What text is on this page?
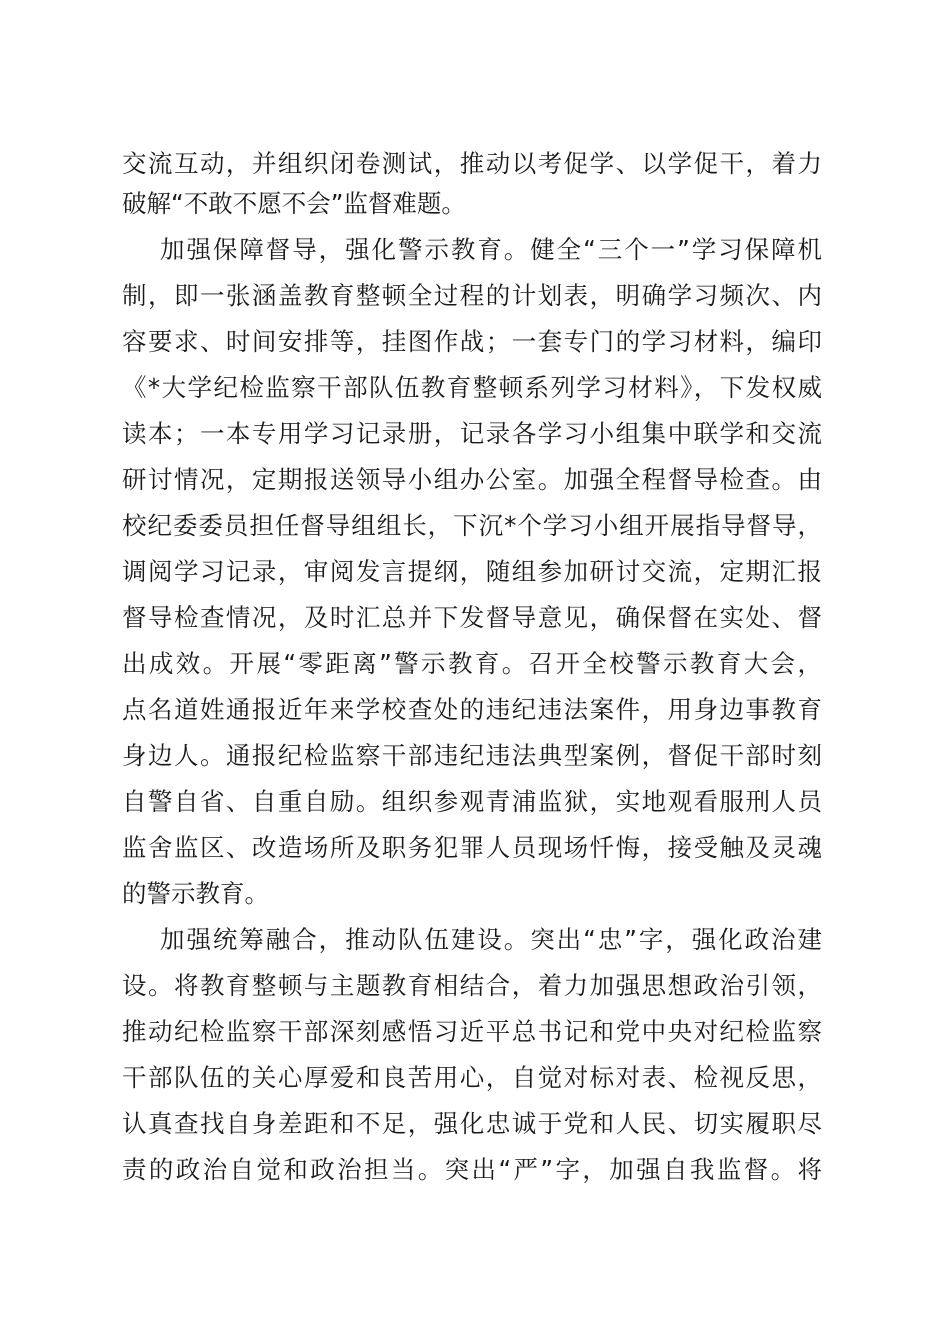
交流互动，并组织闭卷测试，推动以考促学、以学促干，着力
破解“不敢不愿不会”监督难题。
加强保障督导，强化警示教育。健全“三个一”学习保障机
制，即一张涵盖教育整顿全过程的计划表，明确学习频次、内
容要求、时间安排等，挂图作战；一套专门的学习材料，编印
《*大学纪检监察干部队伍教育整顿系列学习材料》，下发权威
读本；一本专用学习记录册，记录各学习小组集中联学和交流
研讨情况，定期报送领导小组办公室。加强全程督导检查。由
校纪委委员担任督导组组长，下沉*个学习小组开展指导督导，
调阅学习记录，审阅发言提纲，随组参加研讨交流，定期汇报
督导检查情况，及时汇总并下发督导意见，确保督在实处、督
出成效。开展“零距离”警示教育。召开全校警示教育大会，
点名道姓通报近年来学校查处的违纪违法案件，用身边事教育
身边人。通报纪检监察干部违纪违法典型案例，督促干部时刻
自警自省、自重自励。组织参观青浦监狱，实地观看服刑人员
监舍监区、改造场所及职务犯罪人员现场忏悔，接受触及灵魂
的警示教育。
加强统筹融合，推动队伍建设。突出“忠”字，强化政治建
设。将教育整顿与主题教育相结合，着力加强思想政治引领，
推动纪检监察干部深刻感悟习近平总书记和党中央对纪检监察
干部队伍的关心厚爱和良苦用心，自觉对标对表、检视反思，
认真查找自身差距和不足，强化忠诚于党和人民、切实履职尽
责的政治自觉和政治担当。突出“严”字，加强自我监督。将
